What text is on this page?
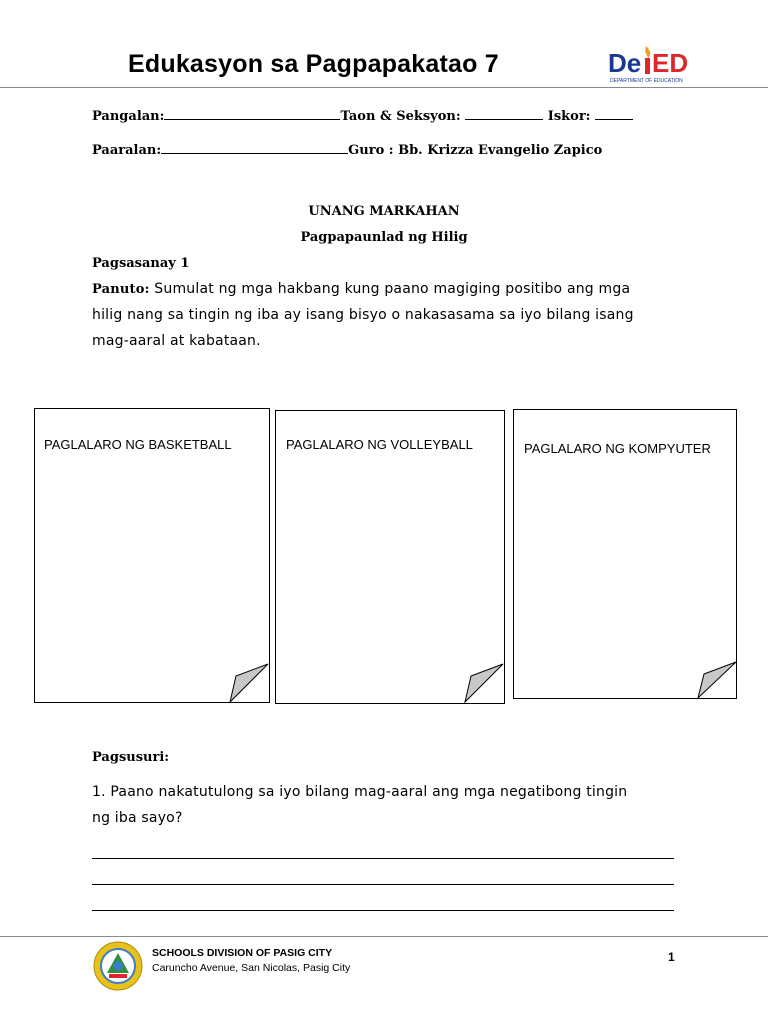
Edukasyon sa Pagpapakatao 7	De ED
DEPARTMENT OF EDUCATION
Pangalan:	Taon & Seksyon:	Iskor:
Paaralan:	Guro : Bb. Krizza Evangelio Zapico
UNANG MARKAHAN
Pagpapaunlad ng Hilig
Pagsasanay 1
Panuto: Sumulat ng mga hakbang kung paano magiging positibo ang mga
hilig nang sa tingin ng iba ay isang bisyo o nakasasama sa iyo bilang isang
mag-aaral at kabataan.
PAGLALARO NG BASKETBALL	PAGLALARO NG VOLLEYBALL	PAGLALARO NG KOMPYUTER
Pagsusuri:
1. Paano nakatutulong sa iyo bilang mag-aaral ang mga negatibong tingin
ng iba sayo?
SCHOOLS DIVISION OF PASIG CITY
Caruncho Avenue, San Nicolas, Pasig City
1
